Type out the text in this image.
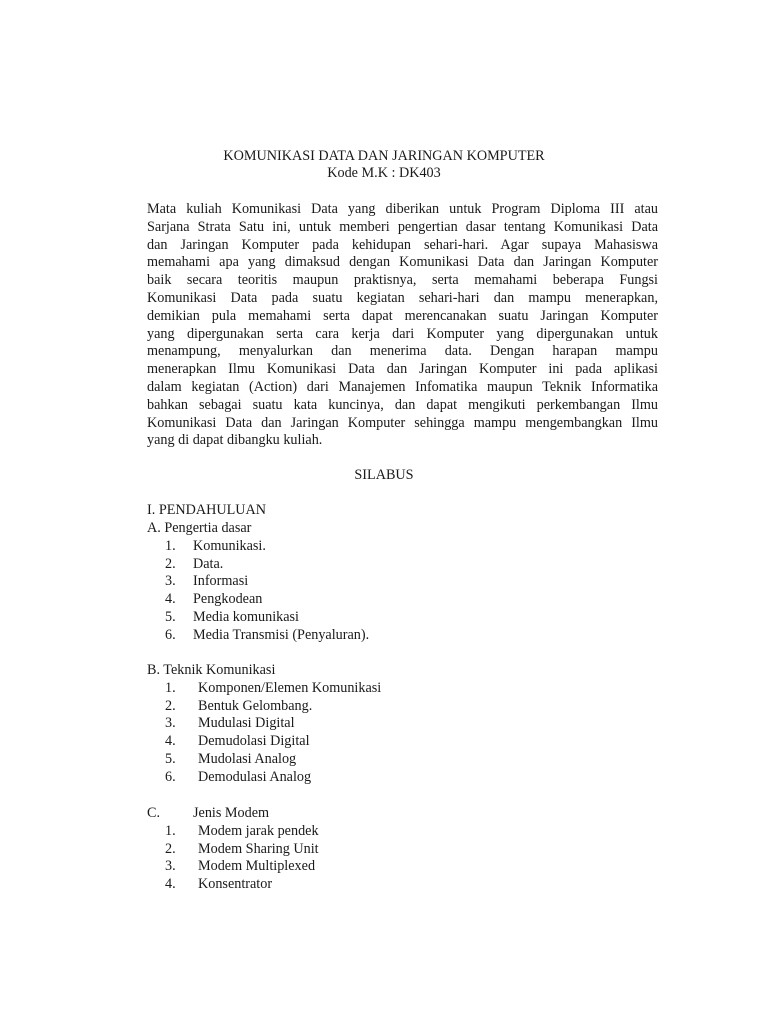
KOMUNIKASI DATA DAN JARINGAN KOMPUTER
Kode M.K : DK403
Mata kuliah Komunikasi Data yang diberikan untuk Program Diploma III atau
Sarjana Strata Satu ini, untuk memberi pengertian dasar tentang Komunikasi Data
dan Jaringan Komputer pada kehidupan sehari-hari. Agar supaya Mahasiswa
memahami apa yang dimaksud dengan Komunikasi Data dan Jaringan Komputer
baik secara teoritis maupun praktisnya, serta memahami beberapa Fungsi
Komunikasi Data pada suatu kegiatan sehari-hari dan mampu menerapkan,
demikian pula memahami serta dapat merencanakan suatu Jaringan Komputer
yang dipergunakan serta cara kerja dari Komputer yang dipergunakan untuk
menampung, menyalurkan dan menerima data. Dengan harapan mampu
menerapkan Ilmu Komunikasi Data dan Jaringan Komputer ini pada aplikasi
dalam kegiatan (Action) dari Manajemen Infomatika maupun Teknik Informatika
bahkan sebagai suatu kata kuncinya, dan dapat mengikuti perkembangan Ilmu
Komunikasi Data dan Jaringan Komputer sehingga mampu mengembangkan Ilmu
yang di dapat dibangku kuliah.
SILABUS
I. PENDAHULUAN
A. Pengertia dasar
1. Komunikasi.
2. Data.
3. Informasi
4. Pengkodean
5. Media komunikasi
6. Media Transmisi (Penyaluran).
B. Teknik Komunikasi
1. Komponen/Elemen Komunikasi
2. Bentuk Gelombang.
3. Mudulasi Digital
4. Demudolasi Digital
5. Mudolasi Analog
6. Demodulasi Analog
C. Jenis Modem
1. Modem jarak pendek
2. Modem Sharing Unit
3. Modem Multiplexed
4. Konsentrator
